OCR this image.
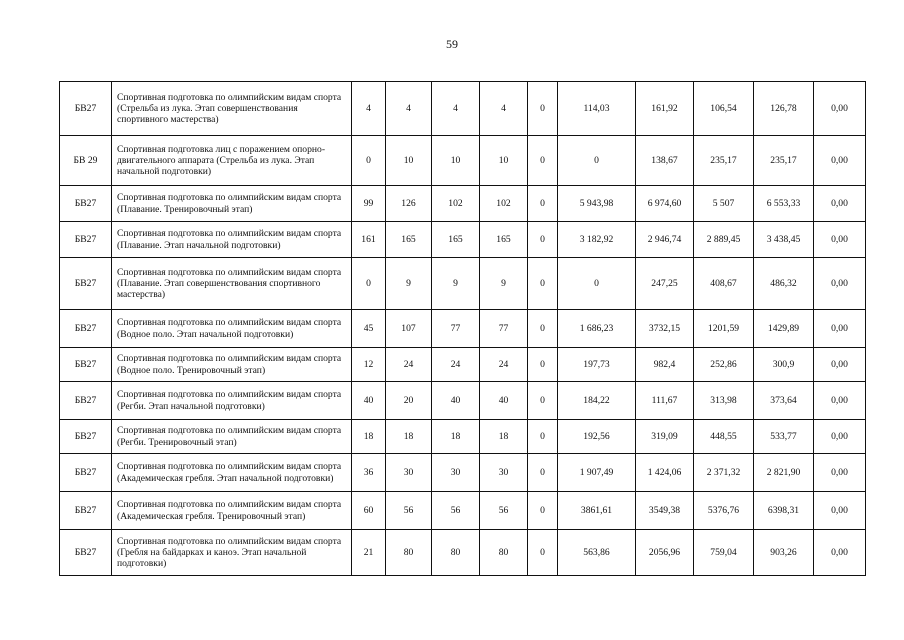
59
БВ27	Спортивная подготовка по олимпийским видам спорта (Стрельба из лука. Этап совершенствования спортивного мастерства)	4	4	4	4	0	114,03	161,92	106,54	126,78	0,00
БВ 29	Спортивная подготовка лиц с поражением опорно-двигательного аппарата (Стрельба из лука. Этап начальной подготовки)	0	10	10	10	0	0	138,67	235,17	235,17	0,00
БВ27	Спортивная подготовка по олимпийским видам спорта (Плавание. Тренировочный этап)	99	126	102	102	0	5 943,98	6 974,60	5 507	6 553,33	0,00
БВ27	Спортивная подготовка по олимпийским видам спорта (Плавание. Этап начальной подготовки)	161	165	165	165	0	3 182,92	2 946,74	2 889,45	3 438,45	0,00
БВ27	Спортивная подготовка по олимпийским видам спорта (Плавание. Этап совершенствования спортивного мастерства)	0	9	9	9	0	0	247,25	408,67	486,32	0,00
БВ27	Спортивная подготовка по олимпийским видам спорта (Водное поло. Этап начальной подготовки)	45	107	77	77	0	1 686,23	3732,15	1201,59	1429,89	0,00
БВ27	Спортивная подготовка по олимпийским видам спорта (Водное поло. Тренировочный этап)	12	24	24	24	0	197,73	982,4	252,86	300,9	0,00
БВ27	Спортивная подготовка по олимпийским видам спорта (Регби. Этап начальной подготовки)	40	20	40	40	0	184,22	111,67	313,98	373,64	0,00
БВ27	Спортивная подготовка по олимпийским видам спорта (Регби. Тренировочный этап)	18	18	18	18	0	192,56	319,09	448,55	533,77	0,00
БВ27	Спортивная подготовка по олимпийским видам спорта (Академическая гребля. Этап начальной подготовки)	36	30	30	30	0	1 907,49	1 424,06	2 371,32	2 821,90	0,00
БВ27	Спортивная подготовка по олимпийским видам спорта (Академическая гребля. Тренировочный этап)	60	56	56	56	0	3861,61	3549,38	5376,76	6398,31	0,00
БВ27	Спортивная подготовка по олимпийским видам спорта (Гребля на байдарках и каноэ. Этап начальной подготовки)	21	80	80	80	0	563,86	2056,96	759,04	903,26	0,00
